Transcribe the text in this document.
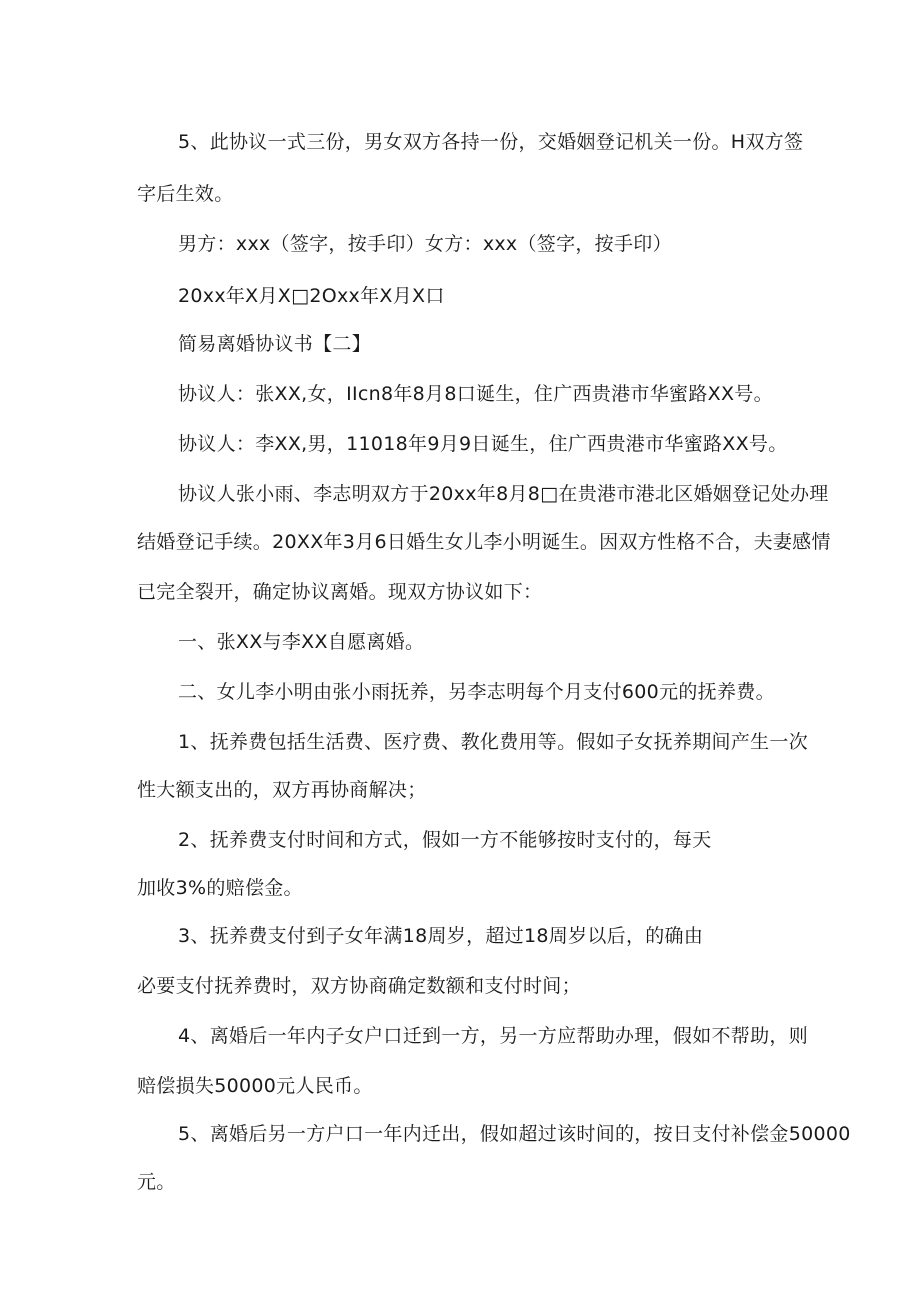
5、此协议一式三份，男女双方各持一份，交婚姻登记机关一份。H双方签
字后生效。
男方：xxx（签字，按手印）女方：xxx（签字，按手印）
20xx年X月X□2Oxx年X月X口
简易离婚协议书【二】
协议人：张XX,女，IIcn8年8月8口诞生，住广西贵港市华蜜路XX号。
协议人：李XX,男，11018年9月9日诞生，住广西贵港市华蜜路XX号。
协议人张小雨、李志明双方于20xx年8月8□在贵港市港北区婚姻登记处办理
结婚登记手续。20XX年3月6日婚生女儿李小明诞生。因双方性格不合，夫妻感情
已完全裂开，确定协议离婚。现双方协议如下：
一、张XX与李XX自愿离婚。
二、女儿李小明由张小雨抚养，另李志明每个月支付600元的抚养费。
1、抚养费包括生活费、医疗费、教化费用等。假如子女抚养期间产生一次
性大额支出的，双方再协商解决；
2、抚养费支付时间和方式，假如一方不能够按时支付的，每天
加收3%的赔偿金。
3、抚养费支付到子女年满18周岁，超过18周岁以后，的确由
必要支付抚养费时，双方协商确定数额和支付时间；
4、离婚后一年内子女户口迁到一方，另一方应帮助办理，假如不帮助，则
赔偿损失50000元人民币。
5、离婚后另一方户口一年内迁出，假如超过该时间的，按日支付补偿金50000
元。
